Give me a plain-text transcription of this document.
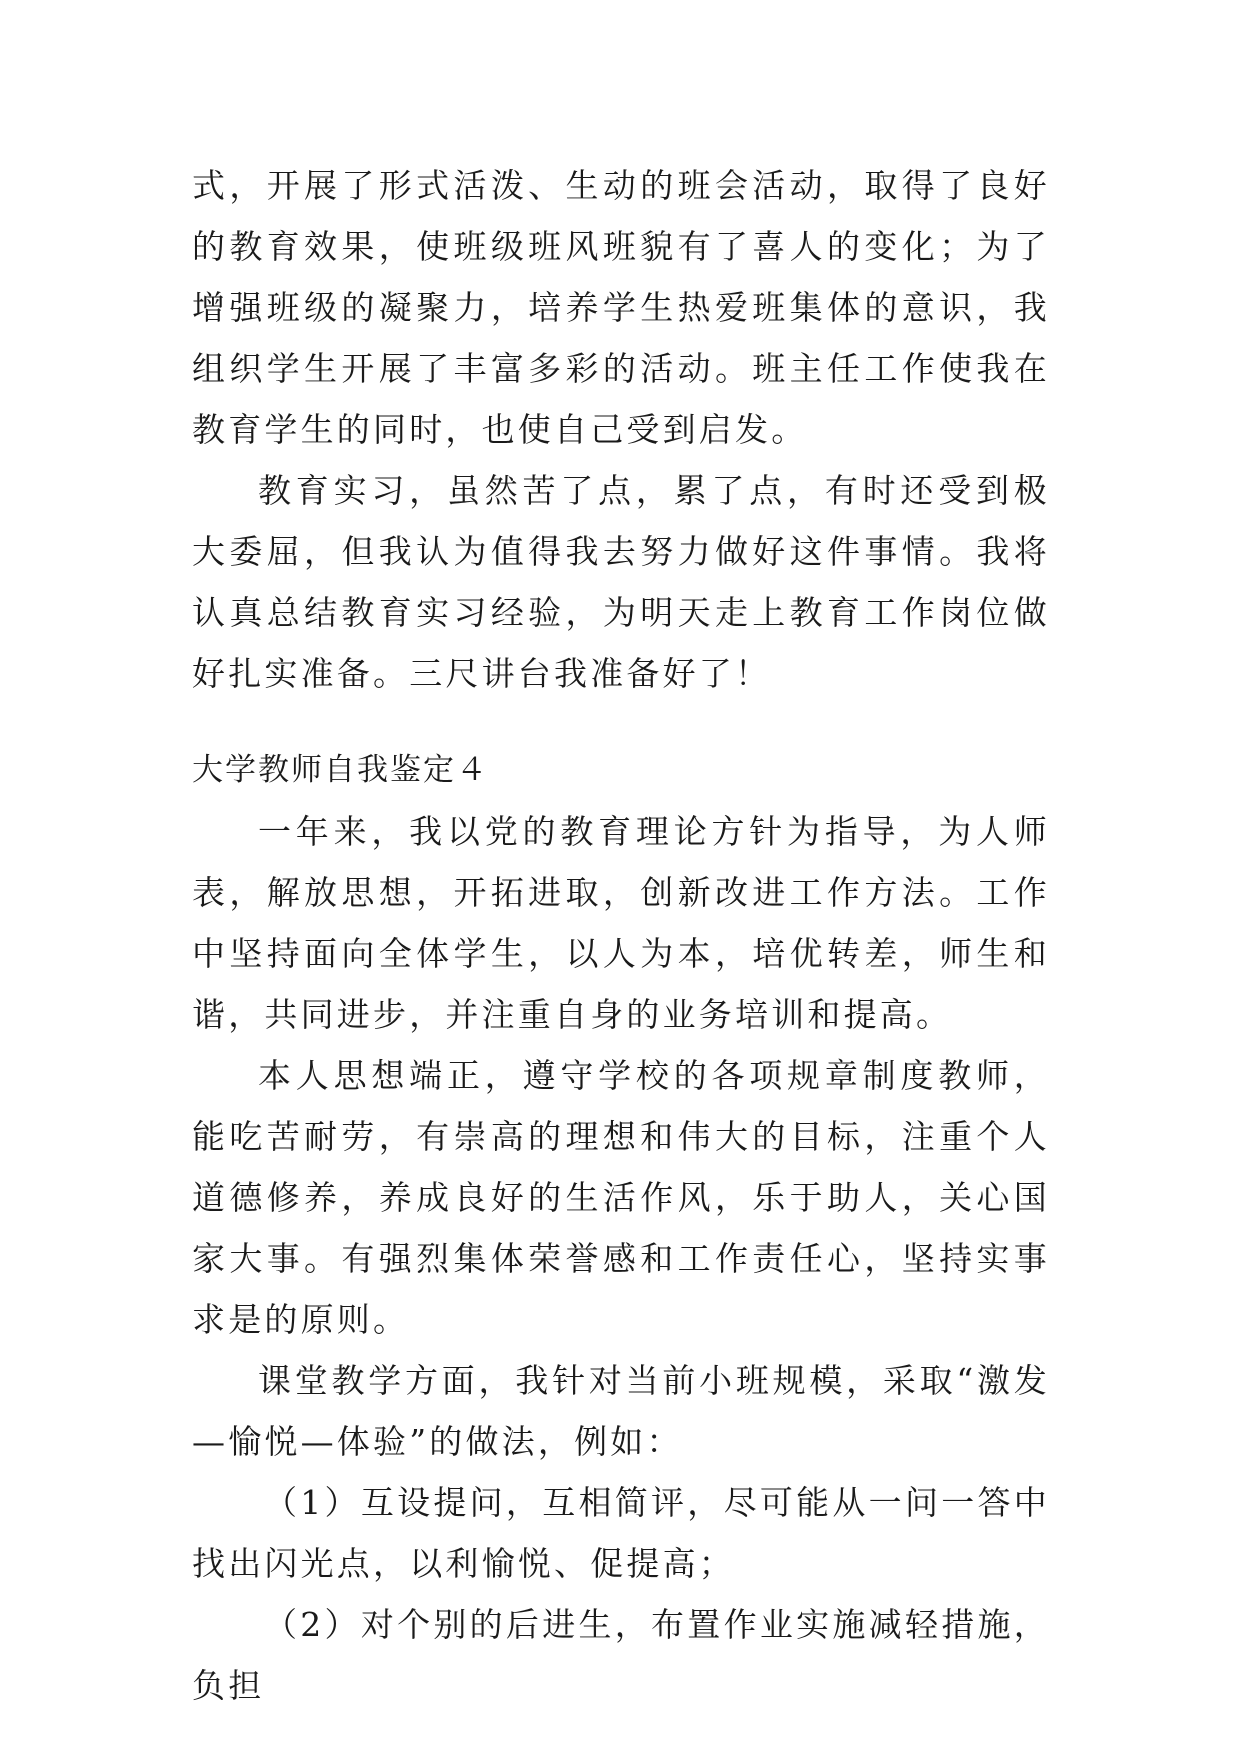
式，开展了形式活泼、生动的班会活动，取得了良好的教育效果，使班级班风班貌有了喜人的变化；为了增强班级的凝聚力，培养学生热爱班集体的意识，我组织学生开展了丰富多彩的活动。班主任工作使我在教育学生的同时，也使自己受到启发。

教育实习，虽然苦了点，累了点，有时还受到极大委屈，但我认为值得我去努力做好这件事情。我将认真总结教育实习经验，为明天走上教育工作岗位做好扎实准备。三尺讲台我准备好了！

大学教师自我鉴定４

一年来，我以党的教育理论方针为指导，为人师表，解放思想，开拓进取，创新改进工作方法。工作中坚持面向全体学生，以人为本，培优转差，师生和谐，共同进步，并注重自身的业务培训和提高。

本人思想端正，遵守学校的各项规章制度教师，能吃苦耐劳，有崇高的理想和伟大的目标，注重个人道德修养，养成良好的生活作风，乐于助人，关心国家大事。有强烈集体荣誉感和工作责任心，坚持实事求是的原则。

课堂教学方面，我针对当前小班规模，采取“激发—愉悦—体验”的做法，例如：

（1）互设提问，互相简评，尽可能从一问一答中找出闪光点，以利愉悦、促提高；

（2）对个别的后进生，布置作业实施减轻措施，负担
